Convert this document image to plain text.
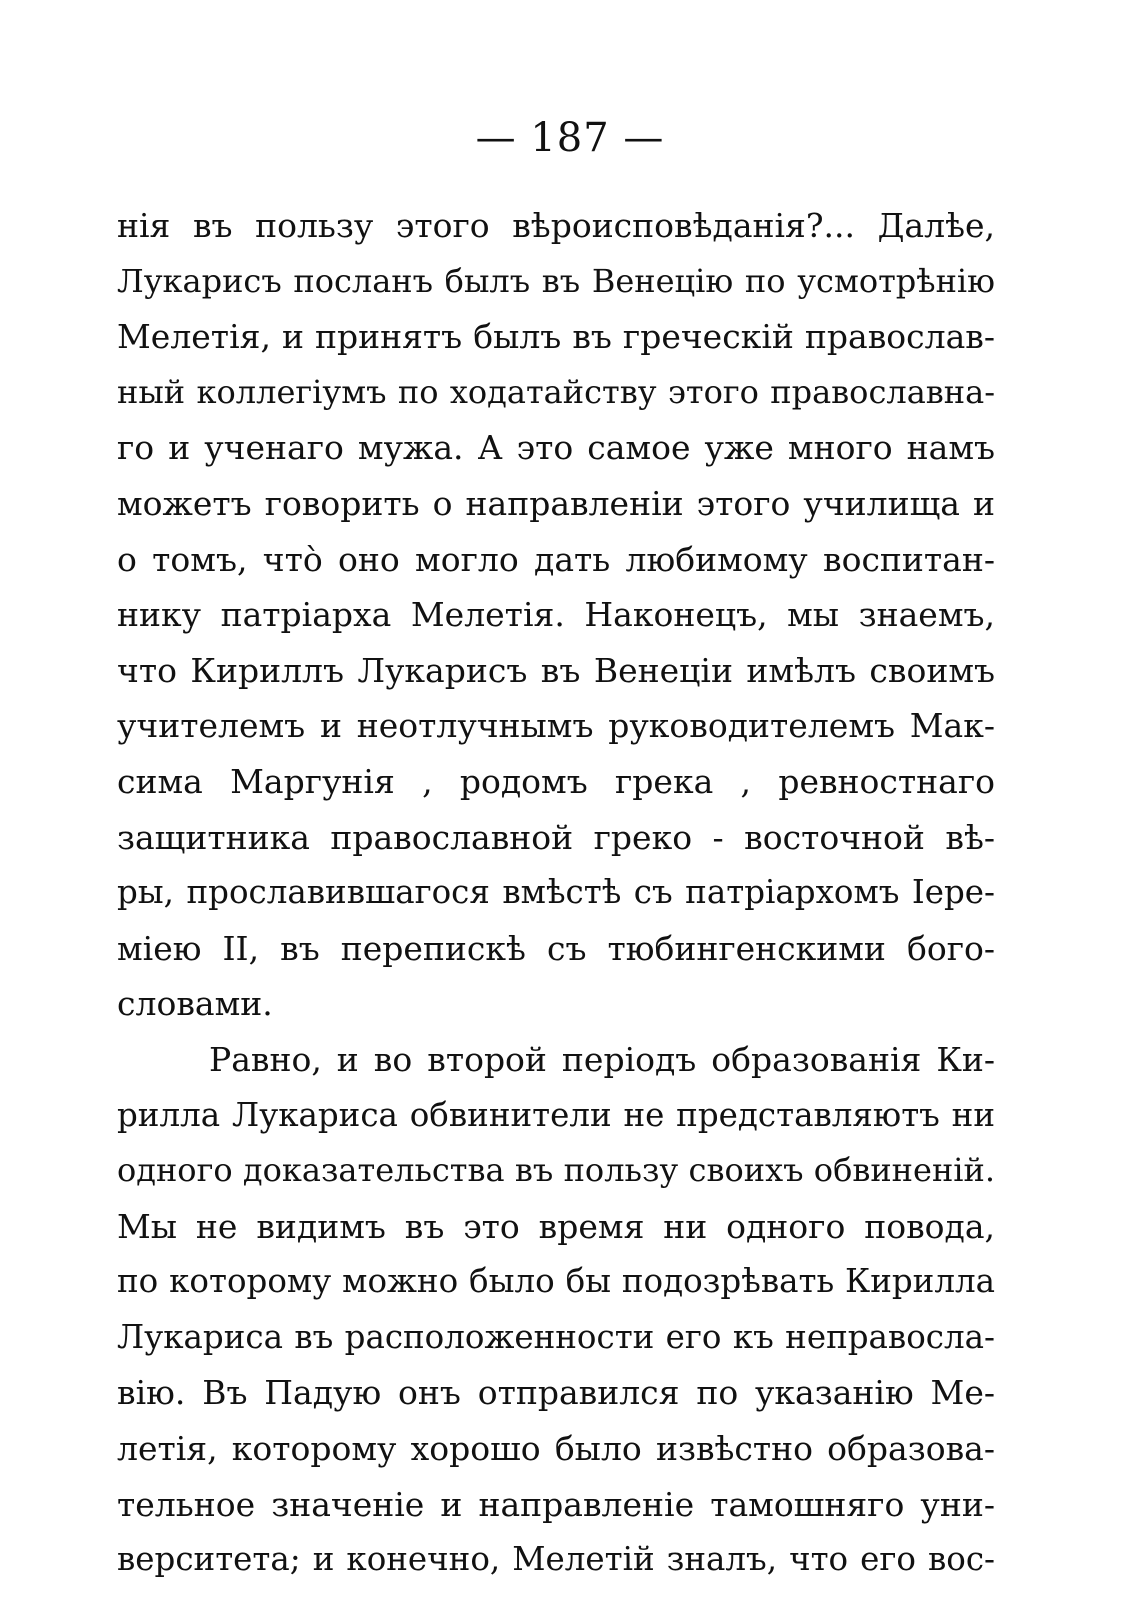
— 187 —
нія въ пользу этого вѣроисповѣданія?... Далѣе,
Лукарисъ посланъ былъ въ Венецію по усмотрѣнію
Мелетія, и принятъ былъ въ греческій православ-
ный коллегіумъ по ходатайству этого православна-
го и ученаго мужа. А это самое уже много намъ
можетъ говорить о направленіи этого училища и
о томъ, что̀ оно могло дать любимому воспитан-
нику патріарха Мелетія. Наконецъ, мы знаемъ,
что Кириллъ Лукарисъ въ Венеціи имѣлъ своимъ
учителемъ и неотлучнымъ руководителемъ Мак-
сима Маргунія , родомъ грека , ревностнаго
защитника православной греко - восточной вѣ-
ры, прославившагося вмѣстѣ съ патріархомъ Іере-
міею II, въ перепискѣ съ тюбингенскими бого-
словами.
Равно, и во второй періодъ образованія Ки-
рилла Лукариса обвинители не представляютъ ни
одного доказательства въ пользу своихъ обвиненій.
Мы не видимъ въ это время ни одного повода,
по которому можно было бы подозрѣвать Кирилла
Лукариса въ расположенности его къ неправосла-
вію. Въ Падую онъ отправился по указанію Ме-
летія, которому хорошо было извѣстно образова-
тельное значеніе и направленіе тамошняго уни-
верситета; и конечно, Мелетій зналъ, что его вос-
